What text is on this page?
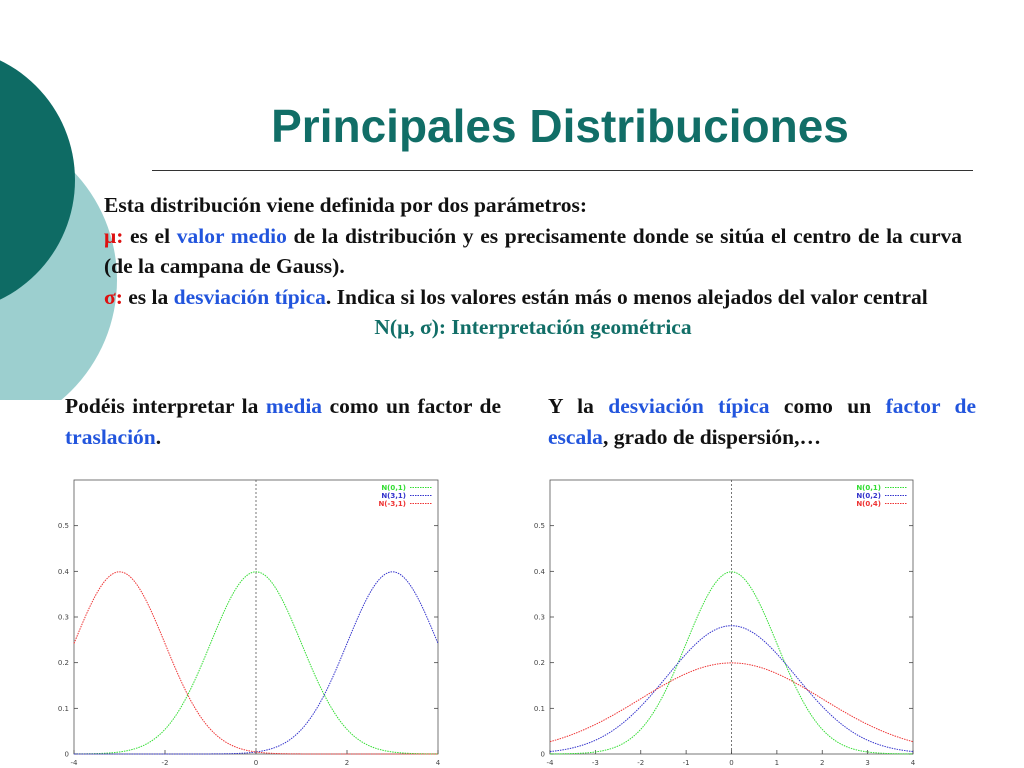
Principales Distribuciones

Esta distribución viene definida por dos parámetros:

μ: es el valor medio de la distribución y es precisamente donde se sitúa el centro de la curva (de la campana de Gauss).

σ: es la desviación típica. Indica si los valores están más o menos alejados del valor central

N(μ, σ): Interpretación geométrica

Podéis interpretar la media como un factor de traslación.
Y la desviación típica como un factor de escala, grado de dispersión,…
0
0.1
0.2
0.3
0.4
0.5
-4	-2	0	2	4
N(0,1)
N(3,1)
N(-3,1)
0
0.1
0.2
0.3
0.4
0.5
-4	-3	-2	-1	0	1	2	3	4
N(0,1)
N(0,2)
N(0,4)
